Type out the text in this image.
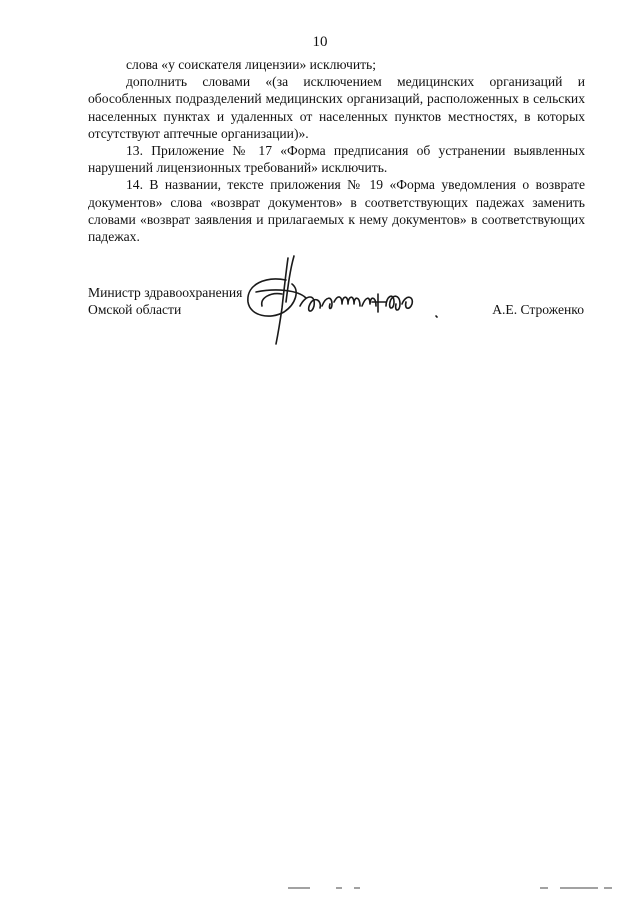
10

слова «у соискателя лицензии» исключить;

дополнить словами «(за исключением медицинских организаций и обособленных подразделений медицинских организаций, расположенных в сельских населенных пунктах и удаленных от населенных пунктов местностях, в которых отсутствуют аптечные организации)».

13. Приложение № 17 «Форма предписания об устранении выявленных нарушений лицензионных требований» исключить.

14. В названии, тексте приложения № 19 «Форма уведомления о возврате документов» слова «возврат документов» в соответствующих падежах заменить словами «возврат заявления и прилагаемых к нему документов» в соответствующих падежах.

Министр здравоохранения
Омской области	А.Е. Строженко
